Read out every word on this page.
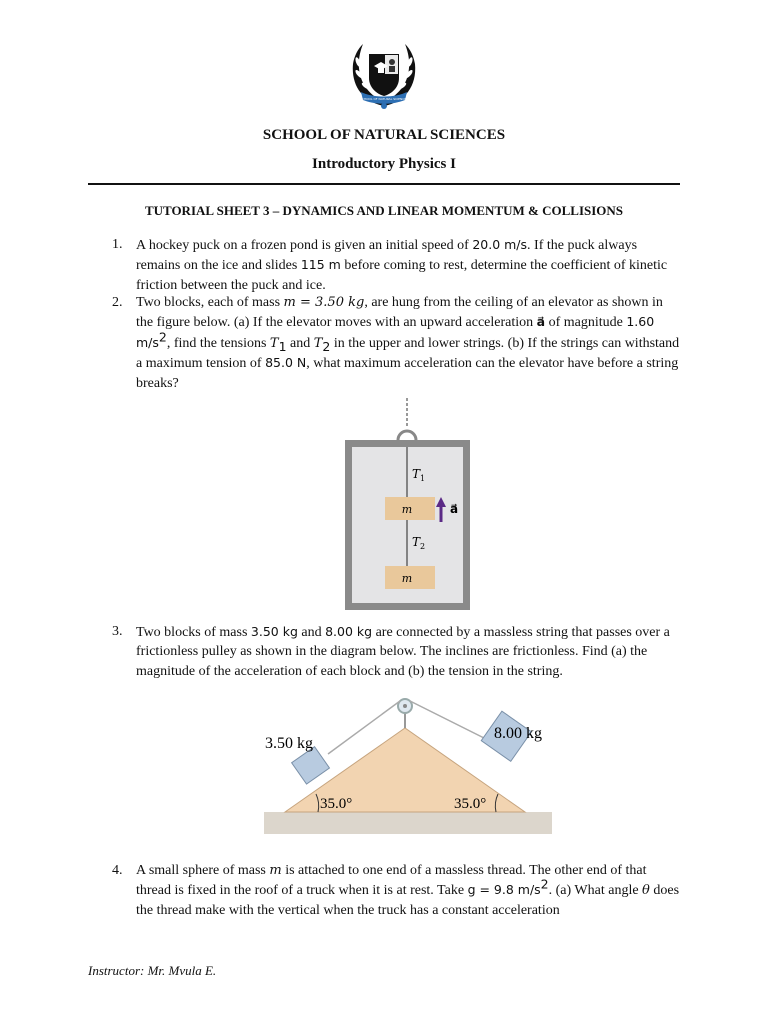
SCHOOL OF NATURAL SCIENCES
SCHOOL OF NATURAL SCIENCES
Introductory Physics I
TUTORIAL SHEET 3 – DYNAMICS AND LINEAR MOMENTUM & COLLISIONS
1. A hockey puck on a frozen pond is given an initial speed of 20.0 m/s. If the puck always remains on the ice and slides 115 m before coming to rest, determine the coefficient of kinetic friction between the puck and ice.
2. Two blocks, each of mass m = 3.50 kg, are hung from the ceiling of an elevator as shown in the figure below. (a) If the elevator moves with an upward acceleration a⃗ of magnitude 1.60 $m/s^2$, find the tensions $T_1$ and $T_2$ in the upper and lower strings. (b) If the strings can withstand a maximum tension of 85.0 N, what maximum acceleration can the elevator have before a string breaks?
m
m
$T_1$
$T_2$
a⃗
3. Two blocks of mass 3.50 kg and 8.00 kg are connected by a massless string that passes over a frictionless pulley as shown in the diagram below. The inclines are frictionless. Find (a) the magnitude of the acceleration of each block and (b) the tension in the string.
3.50 kg
8.00 kg
35.0°	35.0°
4. A small sphere of mass m is attached to one end of a massless thread. The other end of that thread is fixed in the roof of a truck when it is at rest. Take g = 9.8 $m/s^2$. (a) What angle θ does the thread make with the vertical when the truck has a constant acceleration
Instructor: Mr. Mvula E.
